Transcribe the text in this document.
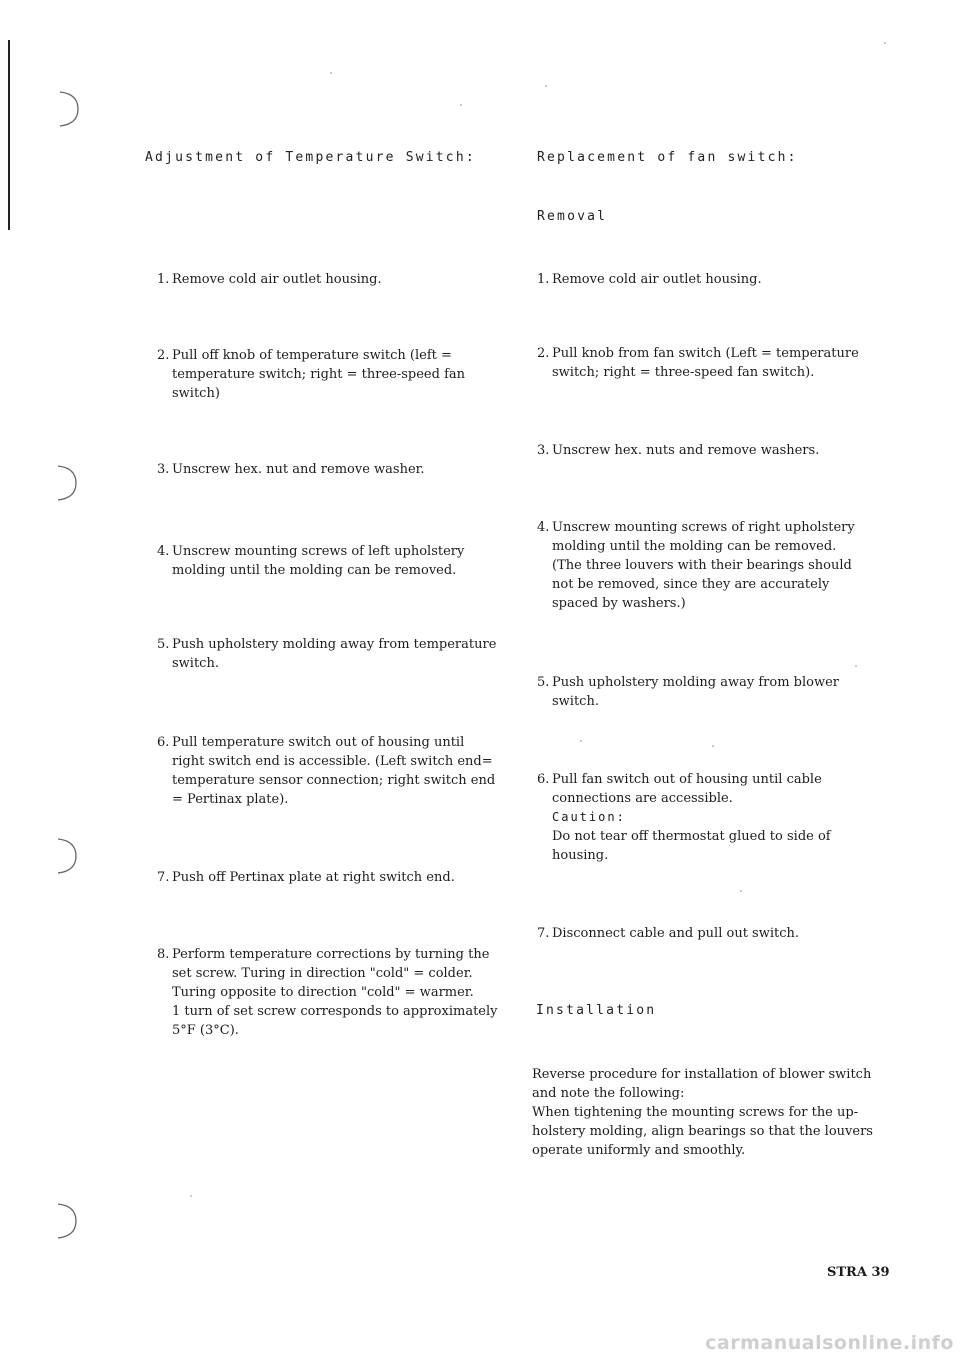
Adjustment of Temperature Switch:
1. Remove cold air outlet housing.
2. Pull off knob of temperature switch (left =
temperature switch; right = three-speed fan
switch)
3. Unscrew hex. nut and remove washer.
4. Unscrew mounting screws of left upholstery
molding until the molding can be removed.
5. Push upholstery molding away from temperature
switch.
6. Pull temperature switch out of housing until
right switch end is accessible. (Left switch end=
temperature sensor connection; right switch end
= Pertinax plate).
7. Push off Pertinax plate at right switch end.
8. Perform temperature corrections by turning the
set screw. Turing in direction "cold" = colder.
Turing opposite to direction "cold" = warmer.
1 turn of set screw corresponds to approximately
5°F (3°C).
Replacement of fan switch:
Removal
1. Remove cold air outlet housing.
2. Pull knob from fan switch (Left = temperature
switch; right = three-speed fan switch).
3. Unscrew hex. nuts and remove washers.
4. Unscrew mounting screws of right upholstery
molding until the molding can be removed.
(The three louvers with their bearings should
not be removed, since they are accurately
spaced by washers.)
5. Push upholstery molding away from blower
switch.
6. Pull fan switch out of housing until cable
connections are accessible.
Caution:
Do not tear off thermostat glued to side of
housing.
7. Disconnect cable and pull out switch.
Installation
Reverse procedure for installation of blower switch
and note the following:
When tightening the mounting screws for the up-
holstery molding, align bearings so that the louvers
operate uniformly and smoothly.
STRA 39
carmanualsonline.info
